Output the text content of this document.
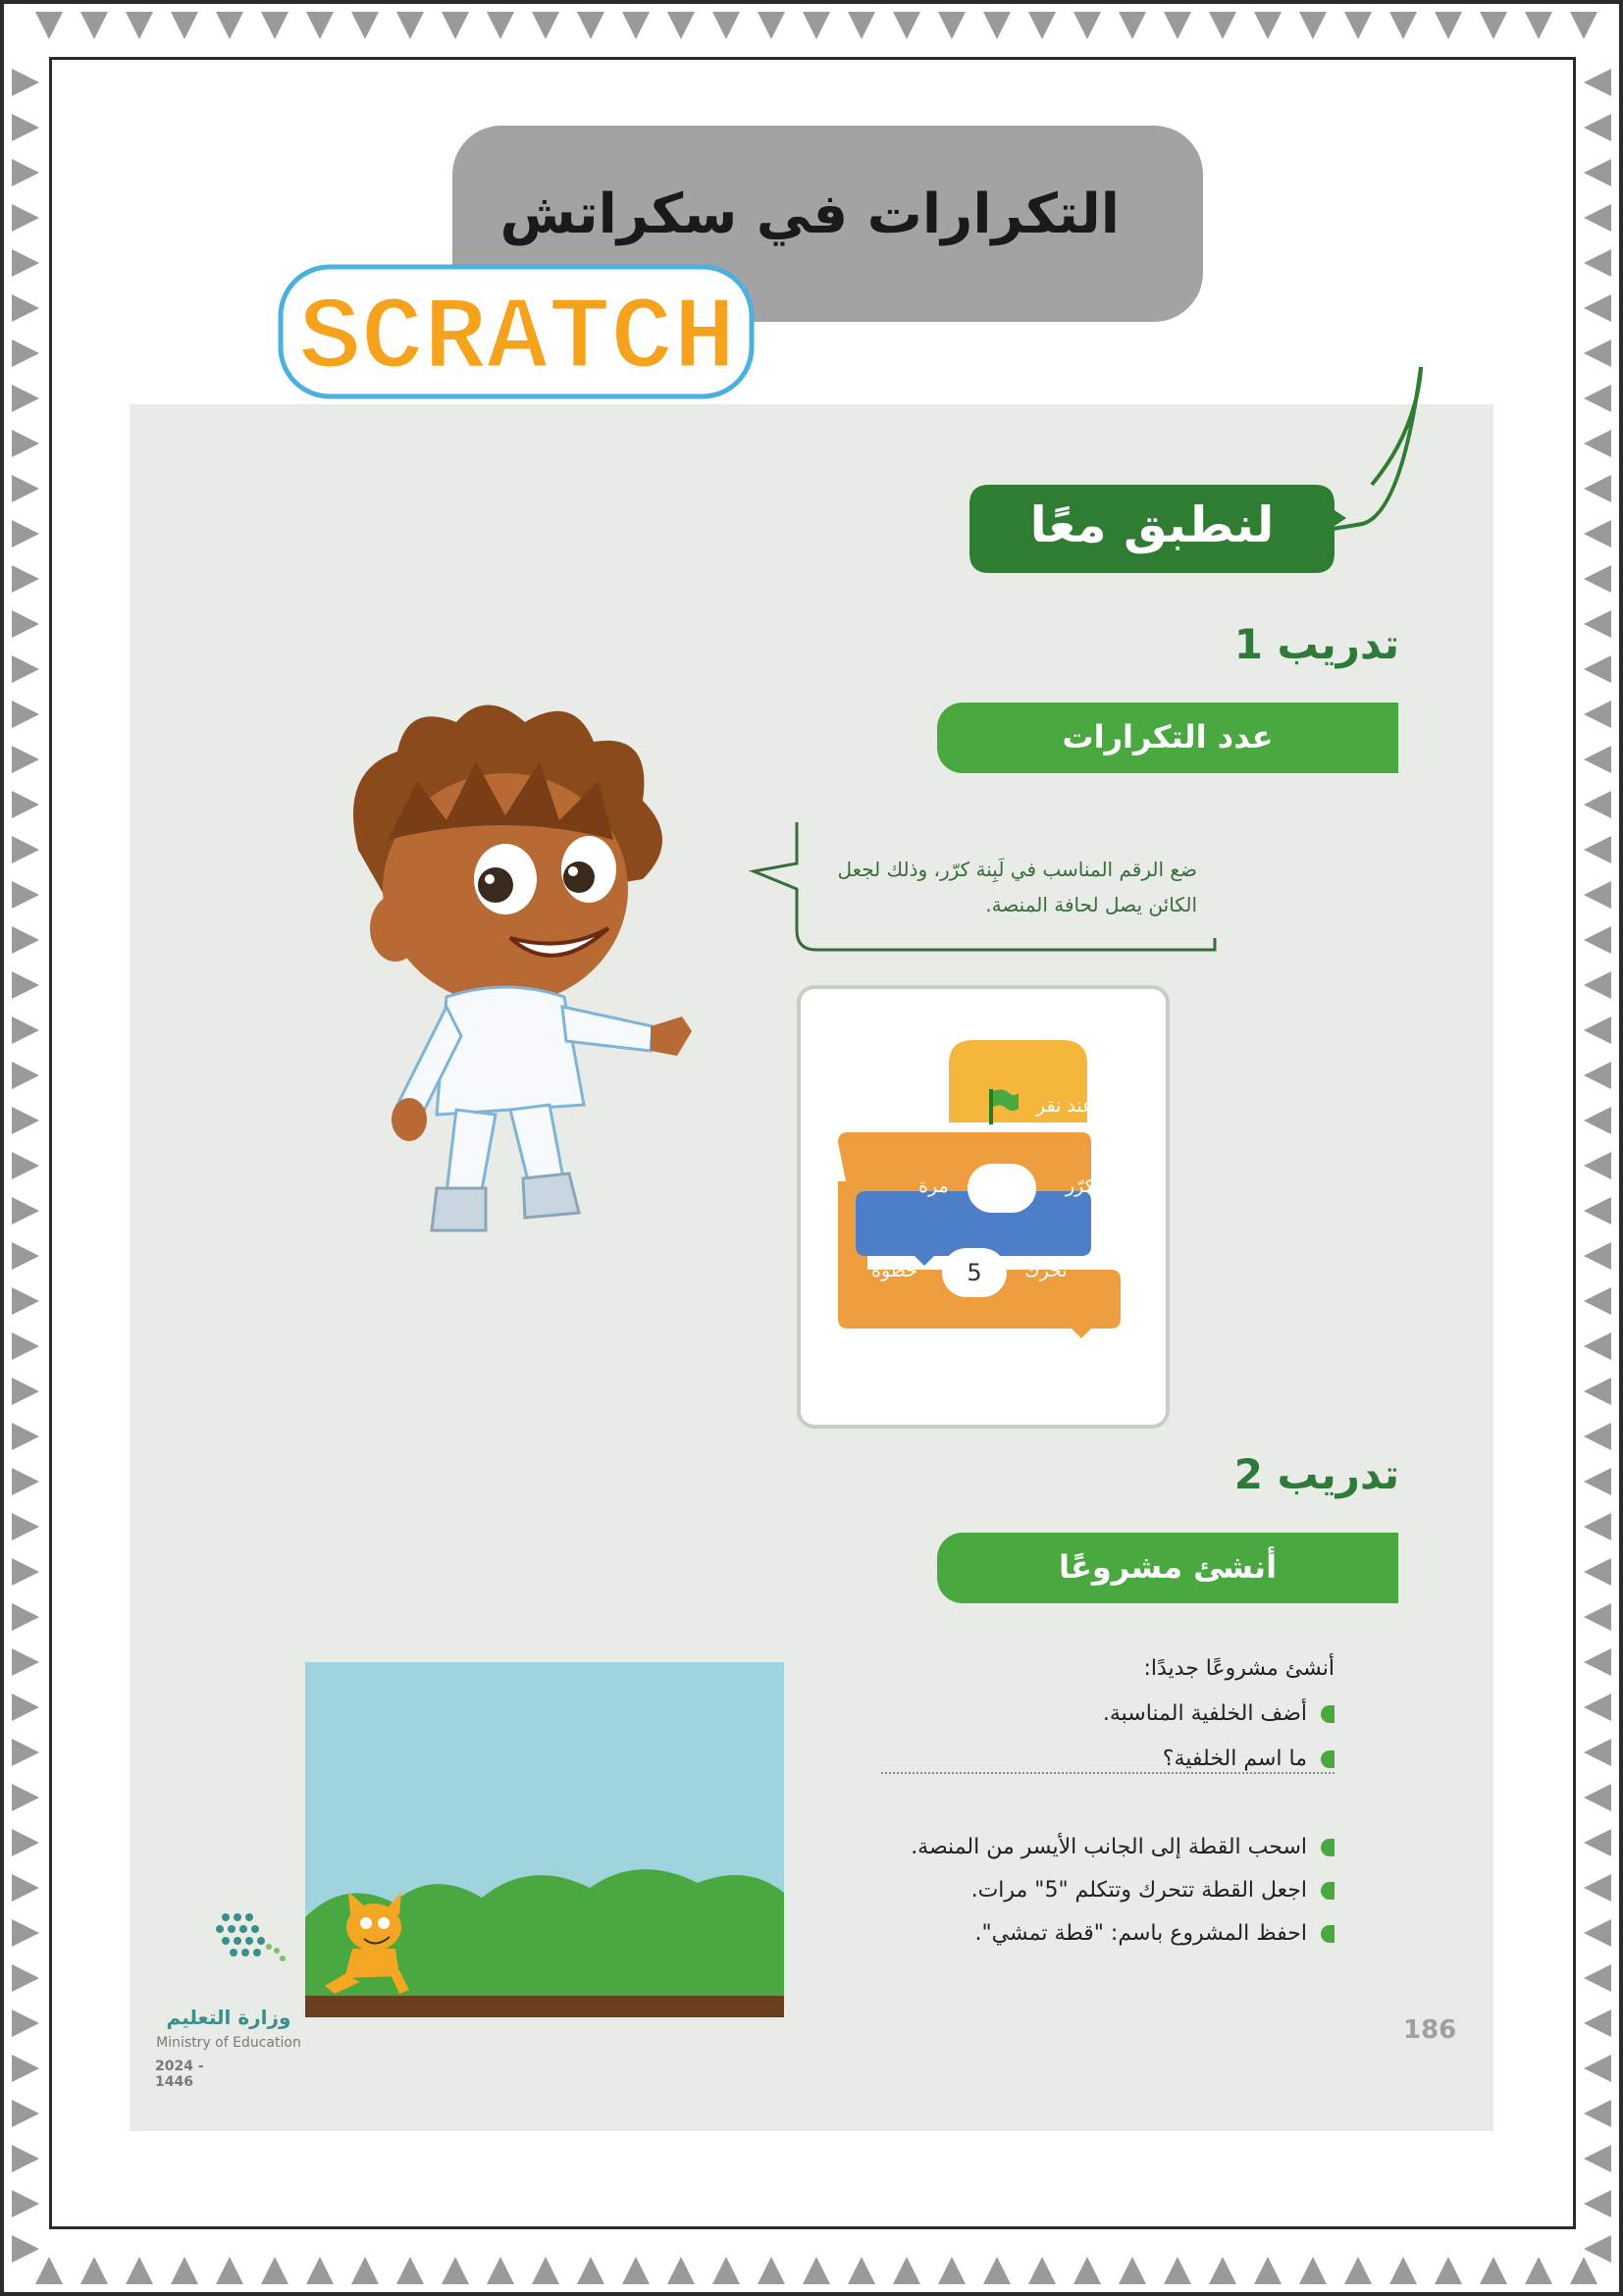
التكرارات في سكراتش
SCRATCH
لنطبق معًا
تدريب 1
عدد التكرارات
ضع الرقم المناسب في لَبِنة كرّر، وذلك لجعل الكائن يصل لحافة المنصة.
عند نقر
كرّر
مرة
تحرك
5
خطوة
تدريب 2
أنشئ مشروعًا
أنشئ مشروعًا جديدًا:
أضف الخلفية المناسبة.
ما اسم الخلفية؟
اسحب القطة إلى الجانب الأيسر من المنصة.
اجعل القطة تتحرك وتتكلم "5" مرات.
احفظ المشروع باسم: "قطة تمشي".
وزارة التعليم
Ministry of Education
2024 - 1446
186
